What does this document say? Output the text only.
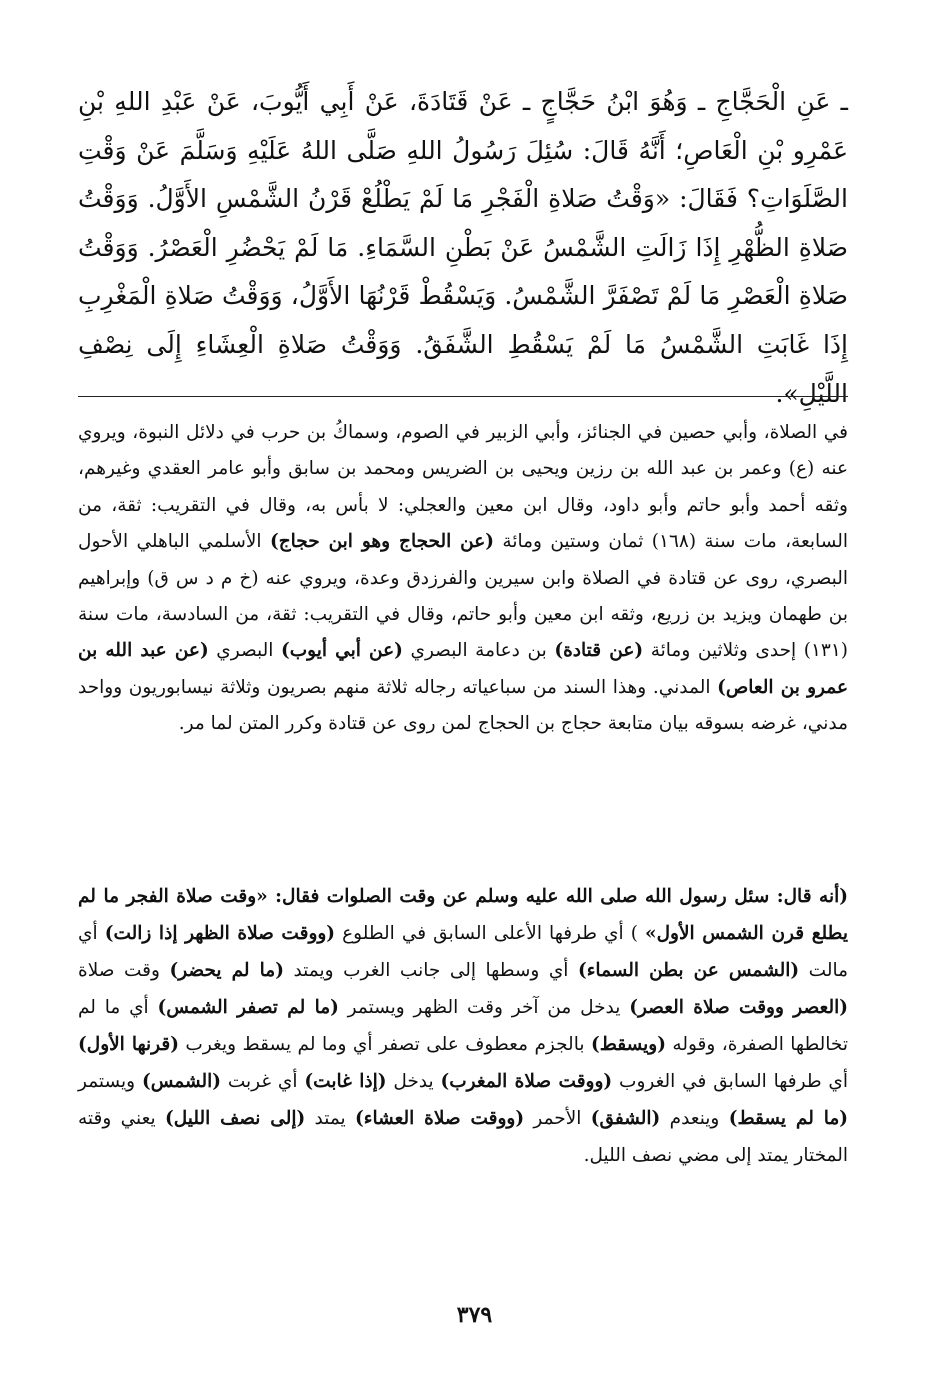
ـ عَنِ الْحَجَّاجِ ـ وَهُوَ ابْنُ حَجَّاجٍ ـ عَنْ قَتَادَةَ، عَنْ أَبِي أَيُّوبَ، عَنْ عَبْدِ اللهِ بْنِ عَمْرِو بْنِ الْعَاصِ؛ أَنَّهُ قَالَ: سُئِلَ رَسُولُ اللهِ صَلَّى اللهُ عَلَيْهِ وَسَلَّمَ عَنْ وَقْتِ الصَّلَوَاتِ؟ فَقَالَ: «وَقْتُ صَلاةِ الْفَجْرِ مَا لَمْ يَطْلُعْ قَرْنُ الشَّمْسِ الأَوَّلُ. وَوَقْتُ صَلاةِ الظُّهْرِ إِذَا زَالَتِ الشَّمْسُ عَنْ بَطْنِ السَّمَاءِ. مَا لَمْ يَحْضُرِ الْعَصْرُ. وَوَقْتُ صَلاةِ الْعَصْرِ مَا لَمْ تَصْفَرَّ الشَّمْسُ. وَيَسْقُطْ قَرْنُهَا الأَوَّلُ، وَوَقْتُ صَلاةِ الْمَغْرِبِ إِذَا غَابَتِ الشَّمْسُ مَا لَمْ يَسْقُطِ الشَّفَقُ. وَوَقْتُ صَلاةِ الْعِشَاءِ إِلَى نِصْفِ اللَّيْلِ».

في الصلاة، وأبي حصين في الجنائز، وأبي الزبير في الصوم، وسماكُ بن حرب في دلائل النبوة، ويروي عنه (ع) وعمر بن عبد الله بن رزين ويحيى بن الضريس ومحمد بن سابق وأبو عامر العقدي وغيرهم، وثقه أحمد وأبو حاتم وأبو داود، وقال ابن معين والعجلي: لا بأس به، وقال في التقريب: ثقة، من السابعة، مات سنة (١٦٨) ثمان وستين ومائة (عن الحجاج وهو ابن حجاج) الأسلمي الباهلي الأحول البصري، روى عن قتادة في الصلاة وابن سيرين والفرزدق وعدة، ويروي عنه (خ م د س ق) وإبراهيم بن طهمان ويزيد بن زريع، وثقه ابن معين وأبو حاتم، وقال في التقريب: ثقة، من السادسة، مات سنة (١٣١) إحدى وثلاثين ومائة (عن قتادة) بن دعامة البصري (عن أبي أيوب) البصري (عن عبد الله بن عمرو بن العاص) المدني. وهذا السند من سباعياته رجاله ثلاثة منهم بصريون وثلاثة نيسابوريون وواحد مدني، غرضه بسوقه بيان متابعة حجاج بن الحجاج لمن روى عن قتادة وكرر المتن لما مر.

(أنه قال: سئل رسول الله صلى الله عليه وسلم عن وقت الصلوات فقال: «وقت صلاة الفجر ما لم يطلع قرن الشمس الأول» ) أي طرفها الأعلى السابق في الطلوع (ووقت صلاة الظهر إذا زالت) أي مالت (الشمس عن بطن السماء) أي وسطها إلى جانب الغرب ويمتد (ما لم يحضر) وقت صلاة (العصر ووقت صلاة العصر) يدخل من آخر وقت الظهر ويستمر (ما لم تصفر الشمس) أي ما لم تخالطها الصفرة، وقوله (ويسقط) بالجزم معطوف على تصفر أي وما لم يسقط ويغرب (قرنها الأول) أي طرفها السابق في الغروب (ووقت صلاة المغرب) يدخل (إذا غابت) أي غربت (الشمس) ويستمر (ما لم يسقط) وينعدم (الشفق) الأحمر (ووقت صلاة العشاء) يمتد (إلى نصف الليل) يعني وقته المختار يمتد إلى مضي نصف الليل.

٣٧٩
